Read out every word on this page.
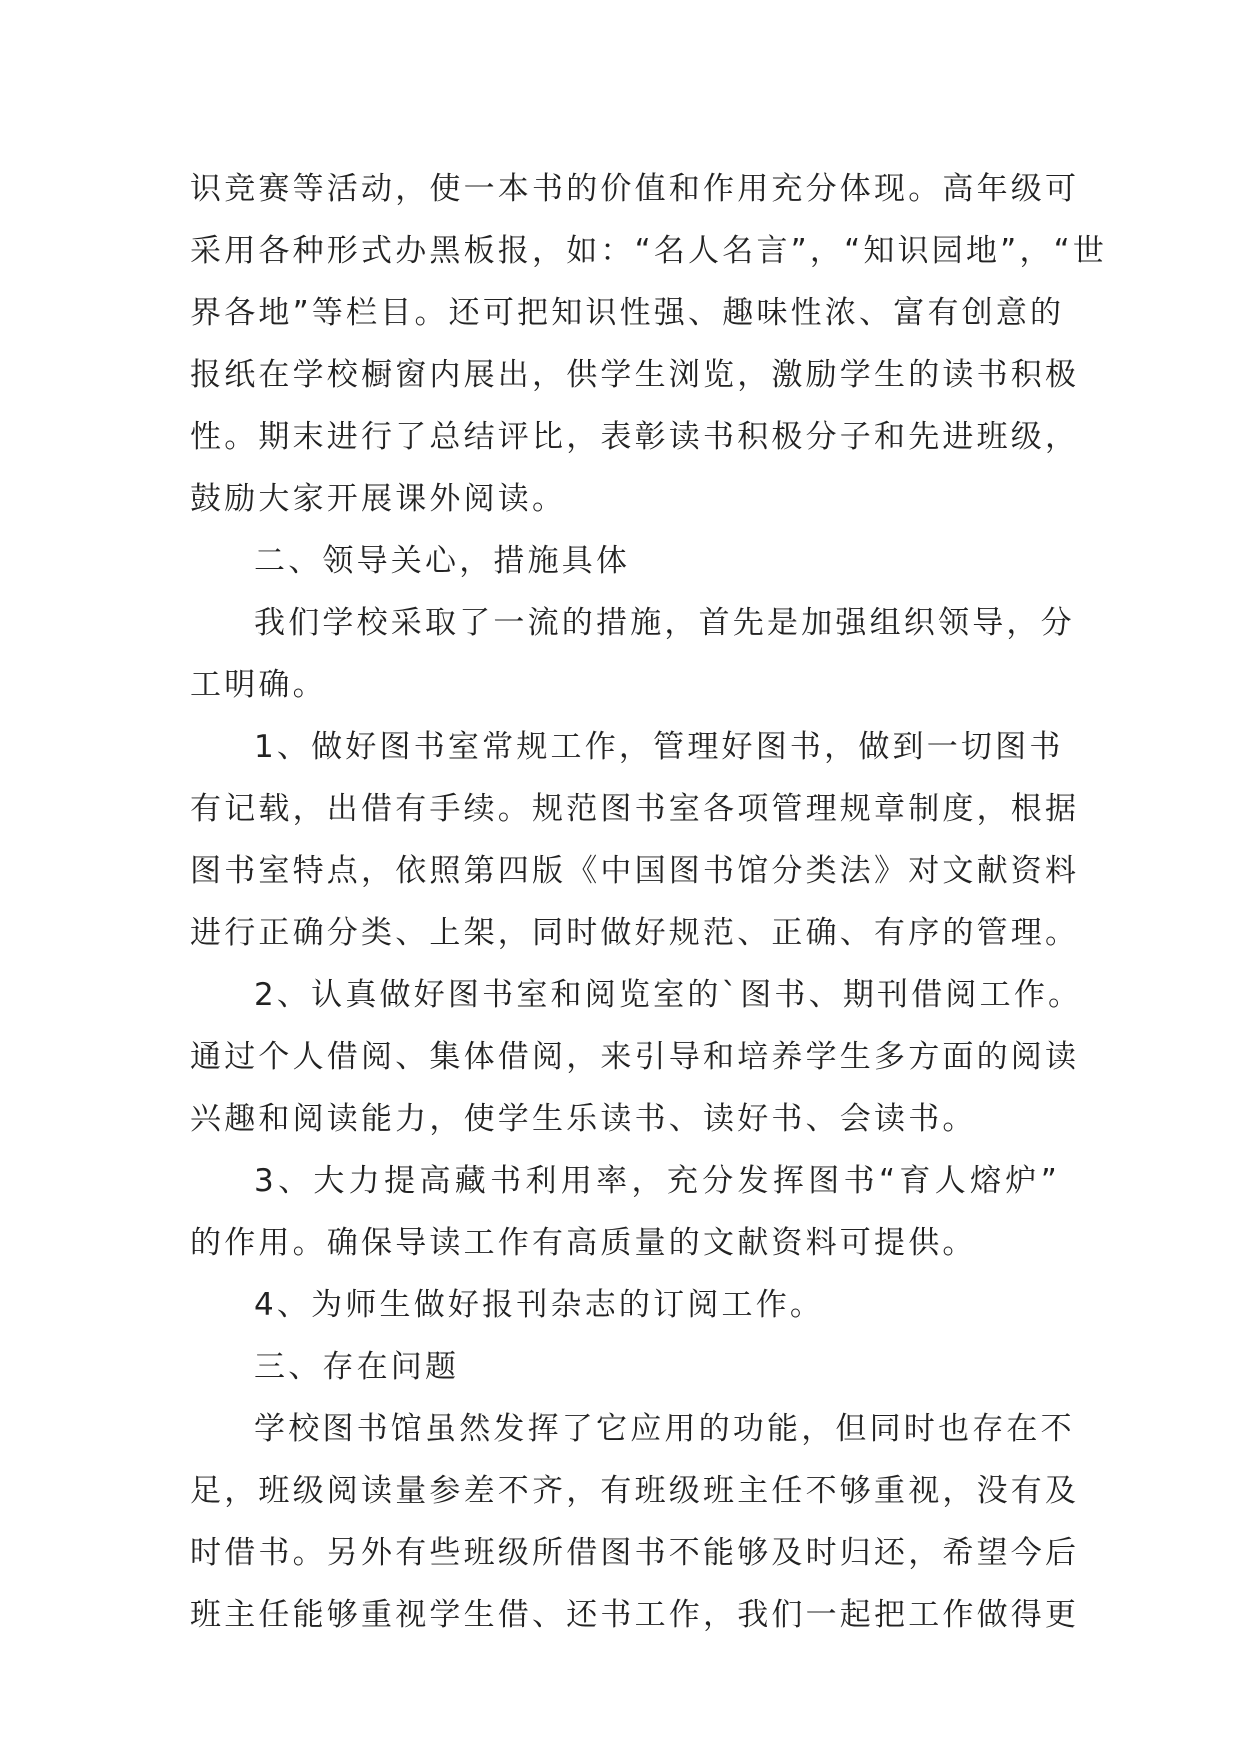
识竞赛等活动，使一本书的价值和作用充分体现。高年级可
采用各种形式办黑板报，如：“名人名言”，“知识园地”，“世
界各地”等栏目。还可把知识性强、趣味性浓、富有创意的
报纸在学校橱窗内展出，供学生浏览，激励学生的读书积极
性。期末进行了总结评比，表彰读书积极分子和先进班级，
鼓励大家开展课外阅读。
二、领导关心，措施具体
我们学校采取了一流的措施，首先是加强组织领导，分
工明确。
1、做好图书室常规工作，管理好图书，做到一切图书
有记载，出借有手续。规范图书室各项管理规章制度，根据
图书室特点，依照第四版《中国图书馆分类法》对文献资料
进行正确分类、上架，同时做好规范、正确、有序的管理。
2、认真做好图书室和阅览室的`图书、期刊借阅工作。
通过个人借阅、集体借阅，来引导和培养学生多方面的阅读
兴趣和阅读能力，使学生乐读书、读好书、会读书。
3、大力提高藏书利用率，充分发挥图书“育人熔炉”
的作用。确保导读工作有高质量的文献资料可提供。
4、为师生做好报刊杂志的订阅工作。
三、存在问题
学校图书馆虽然发挥了它应用的功能，但同时也存在不
足，班级阅读量参差不齐，有班级班主任不够重视，没有及
时借书。另外有些班级所借图书不能够及时归还，希望今后
班主任能够重视学生借、还书工作，我们一起把工作做得更
